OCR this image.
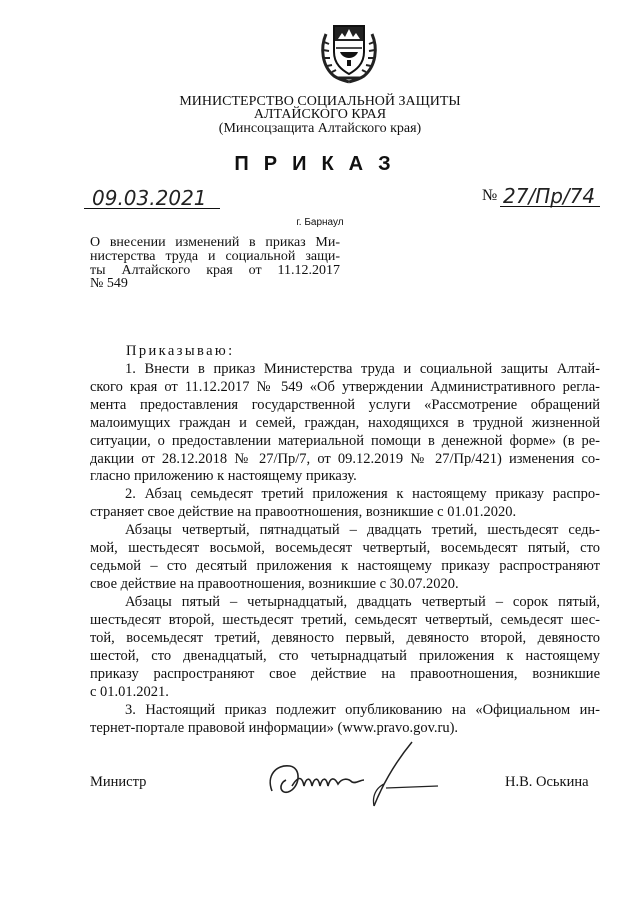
МИНИСТЕРСТВО СОЦИАЛЬНОЙ ЗАЩИТЫ
АЛТАЙСКОГО КРАЯ
(Минсоцзащита Алтайского края)
ПРИКАЗ
09.03.2021	№ 27/Пр/74
г. Барнаул
О внесении изменений в приказ Ми-
нистерства труда и социальной защи-
ты Алтайского края от 11.12.2017
№ 549
Приказываю:
1. Внести в приказ Министерства труда и социальной защиты Алтай-
ского края от 11.12.2017 № 549 «Об утверждении Административного регла-
мента предоставления государственной услуги «Рассмотрение обращений
малоимущих граждан и семей, граждан, находящихся в трудной жизненной
ситуации, о предоставлении материальной помощи в денежной форме» (в ре-
дакции от 28.12.2018 № 27/Пр/7, от 09.12.2019 № 27/Пр/421) изменения со-
гласно приложению к настоящему приказу.
2. Абзац семьдесят третий приложения к настоящему приказу распро-
страняет свое действие на правоотношения, возникшие с 01.01.2020.
Абзацы четвертый, пятнадцатый – двадцать третий, шестьдесят седь-
мой, шестьдесят восьмой, восемьдесят четвертый, восемьдесят пятый, сто
седьмой – сто десятый приложения к настоящему приказу распространяют
свое действие на правоотношения, возникшие с 30.07.2020.
Абзацы пятый – четырнадцатый, двадцать четвертый – сорок пятый,
шестьдесят второй, шестьдесят третий, семьдесят четвертый, семьдесят шес-
той, восемьдесят третий, девяносто первый, девяносто второй, девяносто
шестой, сто двенадцатый, сто четырнадцатый приложения к настоящему
приказу распространяют свое действие на правоотношения, возникшие
с 01.01.2021.
3. Настоящий приказ подлежит опубликованию на «Официальном ин-
тернет-портале правовой информации» (www.pravo.gov.ru).
Министр	Н.В. Оськина
